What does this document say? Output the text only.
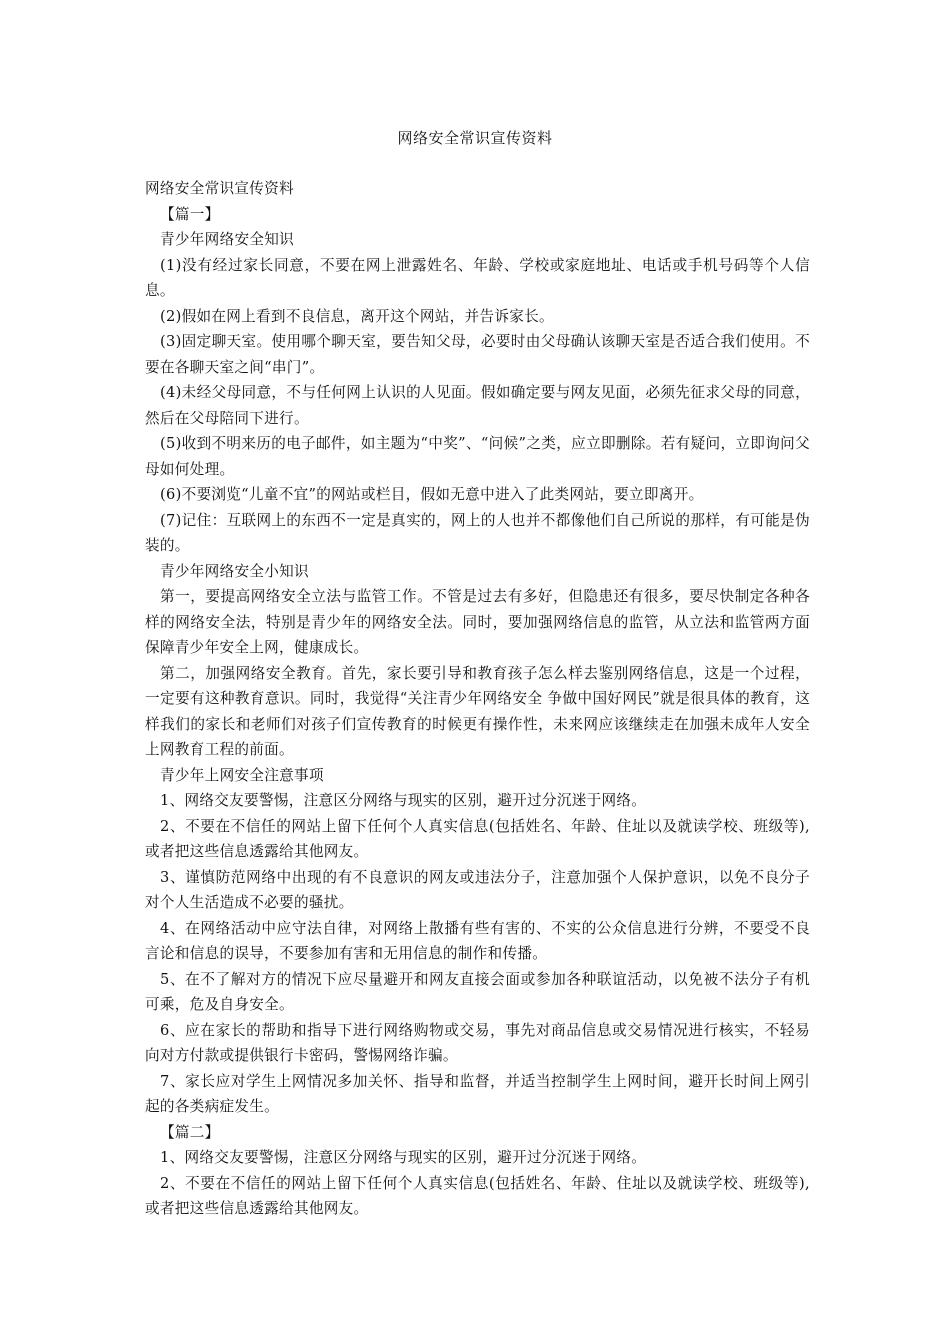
网络安全常识宣传资料

网络安全常识宣传资料

【篇一】

青少年网络安全知识

(1)没有经过家长同意，不要在网上泄露姓名、年龄、学校或家庭地址、电话或手机号码等个人信息。

(2)假如在网上看到不良信息，离开这个网站，并告诉家长。

(3)固定聊天室。使用哪个聊天室，要告知父母，必要时由父母确认该聊天室是否适合我们使用。不要在各聊天室之间“串门”。

(4)未经父母同意，不与任何网上认识的人见面。假如确定要与网友见面，必须先征求父母的同意，然后在父母陪同下进行。

(5)收到不明来历的电子邮件，如主题为“中奖”、“问候”之类，应立即删除。若有疑问，立即询问父母如何处理。

(6)不要浏览“儿童不宜”的网站或栏目，假如无意中进入了此类网站，要立即离开。

(7)记住：互联网上的东西不一定是真实的，网上的人也并不都像他们自己所说的那样，有可能是伪装的。

青少年网络安全小知识

第一，要提高网络安全立法与监管工作。不管是过去有多好，但隐患还有很多，要尽快制定各种各样的网络安全法，特别是青少年的网络安全法。同时，要加强网络信息的监管，从立法和监管两方面保障青少年安全上网，健康成长。

第二，加强网络安全教育。首先，家长要引导和教育孩子怎么样去鉴别网络信息，这是一个过程，一定要有这种教育意识。同时，我觉得“关注青少年网络安全 争做中国好网民”就是很具体的教育，这样我们的家长和老师们对孩子们宣传教育的时候更有操作性，未来网应该继续走在加强未成年人安全上网教育工程的前面。

青少年上网安全注意事项

1、网络交友要警惕，注意区分网络与现实的区别，避开过分沉迷于网络。

2、不要在不信任的网站上留下任何个人真实信息(包括姓名、年龄、住址以及就读学校、班级等),或者把这些信息透露给其他网友。

3、谨慎防范网络中出现的有不良意识的网友或违法分子，注意加强个人保护意识，以免不良分子对个人生活造成不必要的骚扰。

4、在网络活动中应守法自律，对网络上散播有些有害的、不实的公众信息进行分辨，不要受不良言论和信息的误导，不要参加有害和无用信息的制作和传播。

5、在不了解对方的情况下应尽量避开和网友直接会面或参加各种联谊活动，以免被不法分子有机可乘，危及自身安全。

6、应在家长的帮助和指导下进行网络购物或交易，事先对商品信息或交易情况进行核实，不轻易向对方付款或提供银行卡密码，警惕网络诈骗。

7、家长应对学生上网情况多加关怀、指导和监督，并适当控制学生上网时间，避开长时间上网引起的各类病症发生。

【篇二】

1、网络交友要警惕，注意区分网络与现实的区别，避开过分沉迷于网络。

2、不要在不信任的网站上留下任何个人真实信息(包括姓名、年龄、住址以及就读学校、班级等),或者把这些信息透露给其他网友。
